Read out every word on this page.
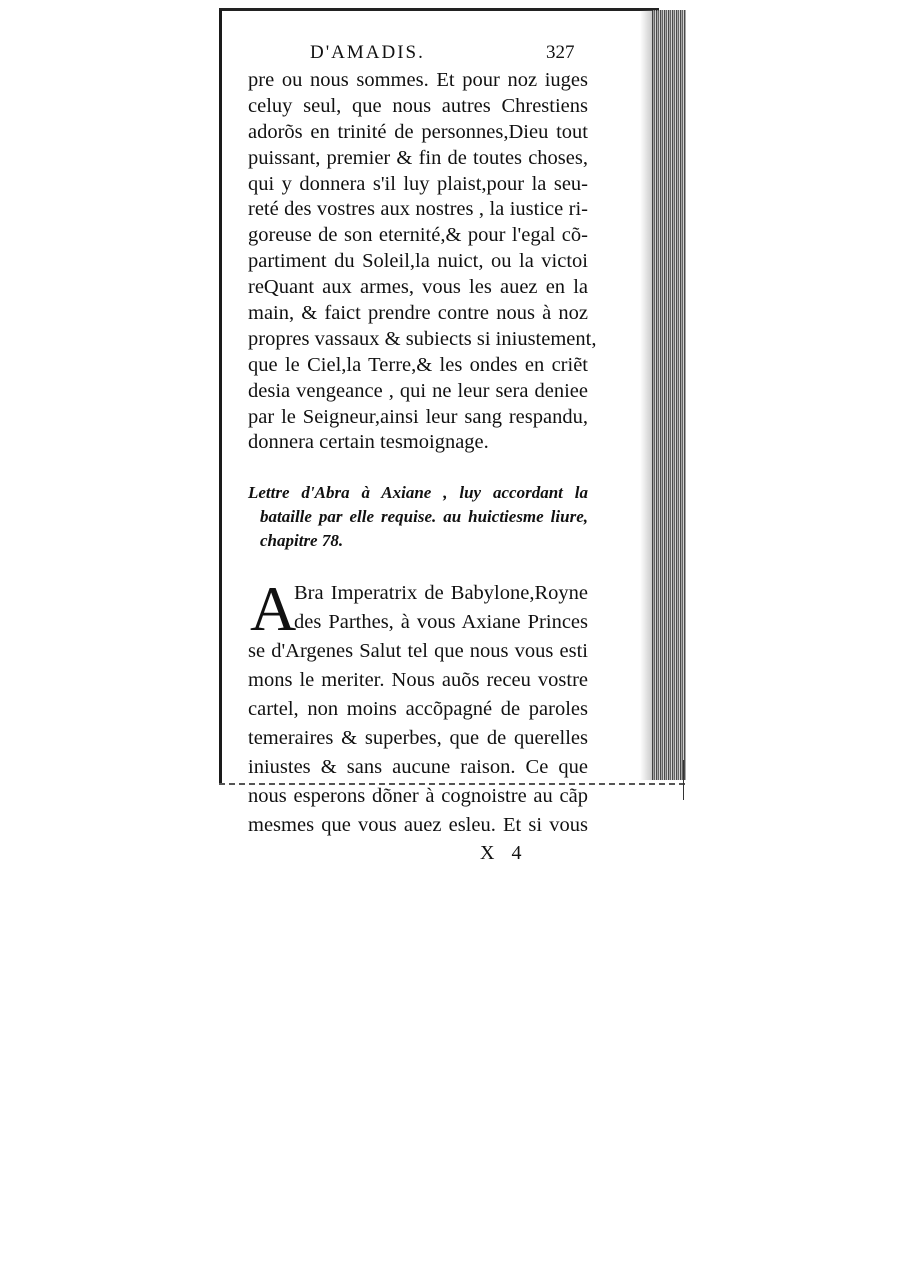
D'AMADIS.	327
pre ou nous sommes. Et pour noz iuges
celuy seul, que nous autres Chrestiens
adorõs en trinité de personnes,Dieu tout
puissant, premier & fin de toutes choses,
qui y donnera s'il luy plaist,pour la seu-
reté des vostres aux nostres , la iustice ri-
goreuse de son eternité,& pour l'egal cõ-
partiment du Soleil,la nuict, ou la victoi
reQuant aux armes, vous les auez en la
main, & faict prendre contre nous à noz
propres vassaux & subiects si iniustement,
que le Ciel,la Terre,& les ondes en criẽt
desia vengeance , qui ne leur sera deniee
par le Seigneur,ainsi leur sang respandu,
donnera certain tesmoignage.
Lettre d'Abra à Axiane , luy accordant la
bataille par elle requise. au huictiesme liure,
chapitre 78.
A
Bra Imperatrix de Babylone,Royne
des Parthes, à vous Axiane Princes
se d'Argenes Salut tel que nous vous esti
mons le meriter. Nous auõs receu vostre
cartel, non moins accõpagné de paroles
temeraires & superbes, que de querelles
iniustes & sans aucune raison. Ce que
nous esperons dõner à cognoistre au cãp
mesmes que vous auez esleu. Et si vous
X 4
